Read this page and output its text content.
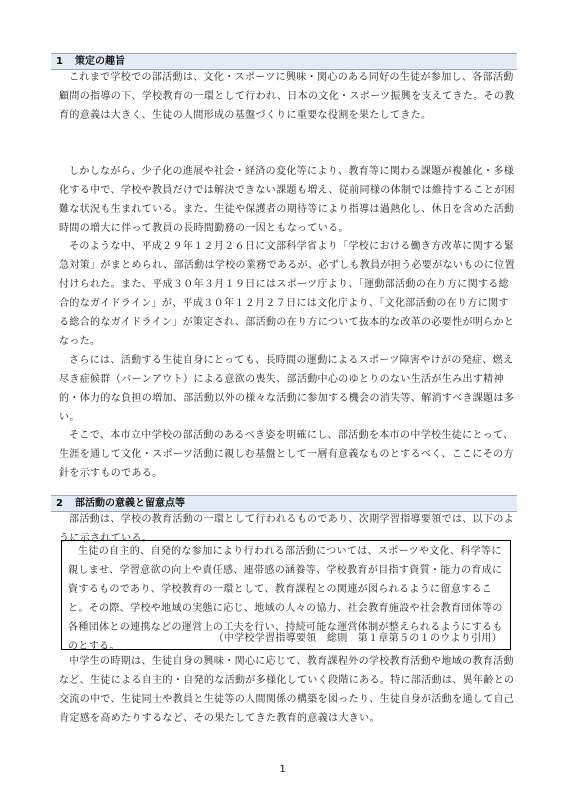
1 策定の趣旨

これまで学校での部活動は、文化・スポーツに興味・関心のある同好の生徒が参加し、各部活動顧問の指導の下、学校教育の一環として行われ、日本の文化・スポーツ振興を支えてきた。その教育的意義は大きく、生徒の人間形成の基盤づくりに重要な役割を果たしてきた。

しかしながら、少子化の進展や社会・経済の変化等により、教育等に関わる課題が複雑化・多様化する中で、学校や教員だけでは解決できない課題も増え、従前同様の体制では維持することが困難な状況も生まれている。また、生徒や保護者の期待等により指導は過熱化し、休日を含めた活動時間の増大に伴って教員の長時間勤務の一因ともなっている。

そのような中、平成２９年１２月２６日に文部科学省より「学校における働き方改革に関する緊急対策」がまとめられ、部活動は学校の業務であるが、必ずしも教員が担う必要がないものに位置付けられた。また、平成３０年３月１９日にはスポーツ庁より、「運動部活動の在り方に関する総合的なガイドライン」が、平成３０年１２月２７日には文化庁より、「文化部活動の在り方に関する総合的なガイドライン」が策定され、部活動の在り方について抜本的な改革の必要性が明らかとなった。

さらには、活動する生徒自身にとっても、長時間の運動によるスポーツ障害やけがの発症、燃え尽き症候群（バーンアウト）による意欲の喪失、部活動中心のゆとりのない生活が生み出す精神的・体力的な負担の増加、部活動以外の様々な活動に参加する機会の消失等、解消すべき課題は多い。

そこで、本市立中学校の部活動のあるべき姿を明確にし、部活動を本市の中学校生徒にとって、生涯を通して文化・スポーツ活動に親しむ基盤として一層有意義なものとするべく、ここにその方針を示すものである。

2 部活動の意義と留意点等

部活動は、学校の教育活動の一環として行われるものであり、次期学習指導要領では、以下のように示されている。

生徒の自主的、自発的な参加により行われる部活動については、スポーツや文化、科学等に親しませ、学習意欲の向上や責任感、連帯感の涵養等、学校教育が目指す資質・能力の育成に資するものであり、学校教育の一環として、教育課程との関連が図られるように留意すること。その際、学校や地域の実態に応じ、地域の人々の協力、社会教育施設や社会教育団体等の各種団体との連携などの運営上の工夫を行い、持続可能な運営体制が整えられるようにするものとする。

（中学校学習指導要領　総則　第１章第５の１のウより引用）

中学生の時期は、生徒自身の興味・関心に応じて、教育課程外の学校教育活動や地域の教育活動など、生徒による自主的・自発的な活動が多様化していく段階にある。特に部活動は、異年齢との交流の中で、生徒同士や教員と生徒等の人間関係の構築を図ったり、生徒自身が活動を通して自己肯定感を高めたりするなど、その果たしてきた教育的意義は大きい。

1
